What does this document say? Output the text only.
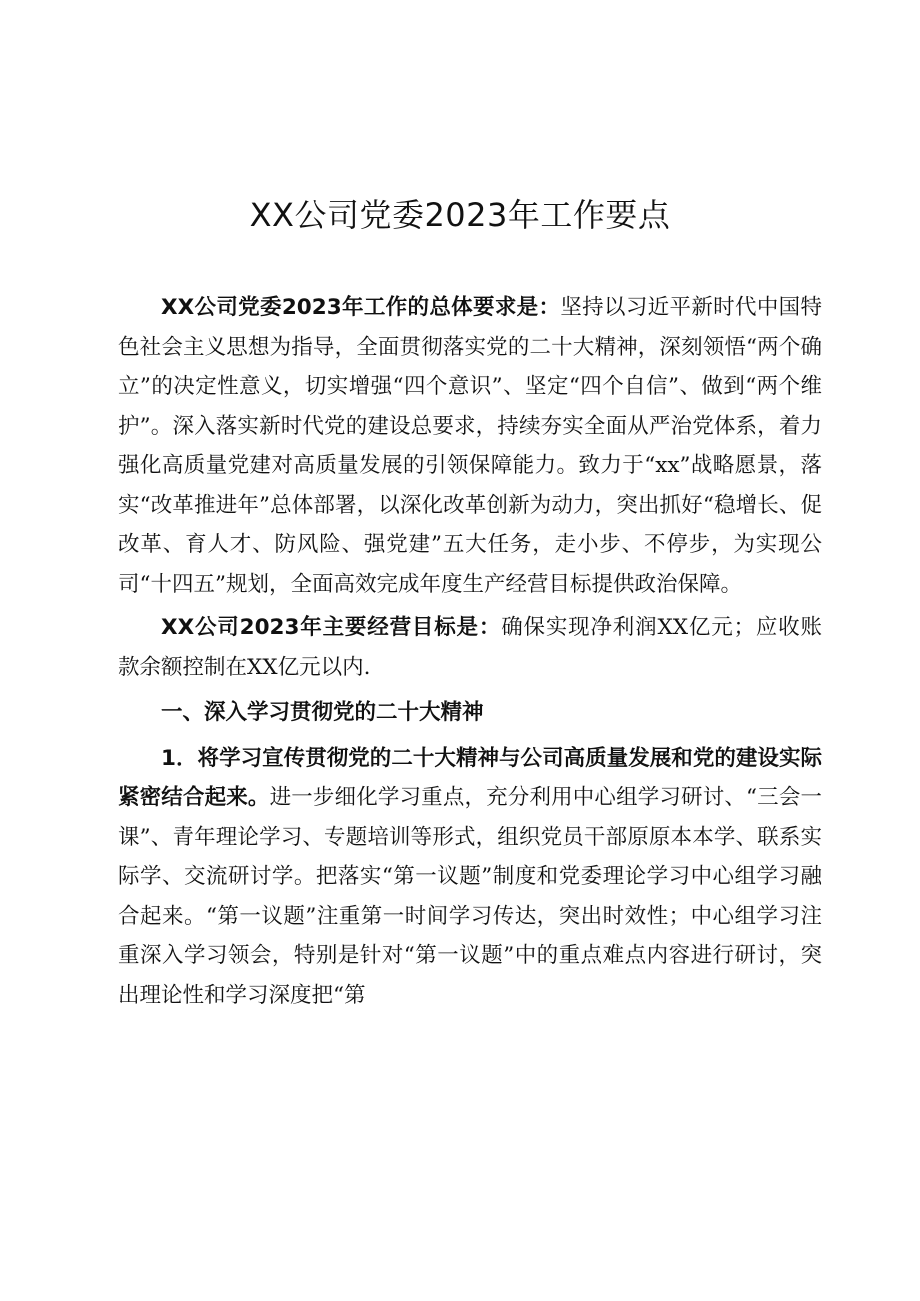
XX公司党委2023年工作要点

XX公司党委2023年工作的总体要求是：坚持以习近平新时代中国特色社会主义思想为指导，全面贯彻落实党的二十大精神，深刻领悟“两个确立”的决定性意义，切实增强“四个意识”、坚定“四个自信”、做到“两个维护”。深入落实新时代党的建设总要求，持续夯实全面从严治党体系，着力强化高质量党建对高质量发展的引领保障能力。致力于“xx”战略愿景，落实“改革推进年”总体部署，以深化改革创新为动力，突出抓好“稳增长、促改革、育人才、防风险、强党建”五大任务，走小步、不停步，为实现公司“十四五”规划，全面高效完成年度生产经营目标提供政治保障。

XX公司2023年主要经营目标是：确保实现净利润XX亿元；应收账款余额控制在XX亿元以内.

一、深入学习贯彻党的二十大精神

1．将学习宣传贯彻党的二十大精神与公司高质量发展和党的建设实际紧密结合起来。进一步细化学习重点，充分利用中心组学习研讨、“三会一课”、青年理论学习、专题培训等形式，组织党员干部原原本本学、联系实际学、交流研讨学。把落实“第一议题”制度和党委理论学习中心组学习融合起来。“第一议题”注重第一时间学习传达，突出时效性；中心组学习注重深入学习领会，特别是针对“第一议题”中的重点难点内容进行研讨，突出理论性和学习深度把“第
